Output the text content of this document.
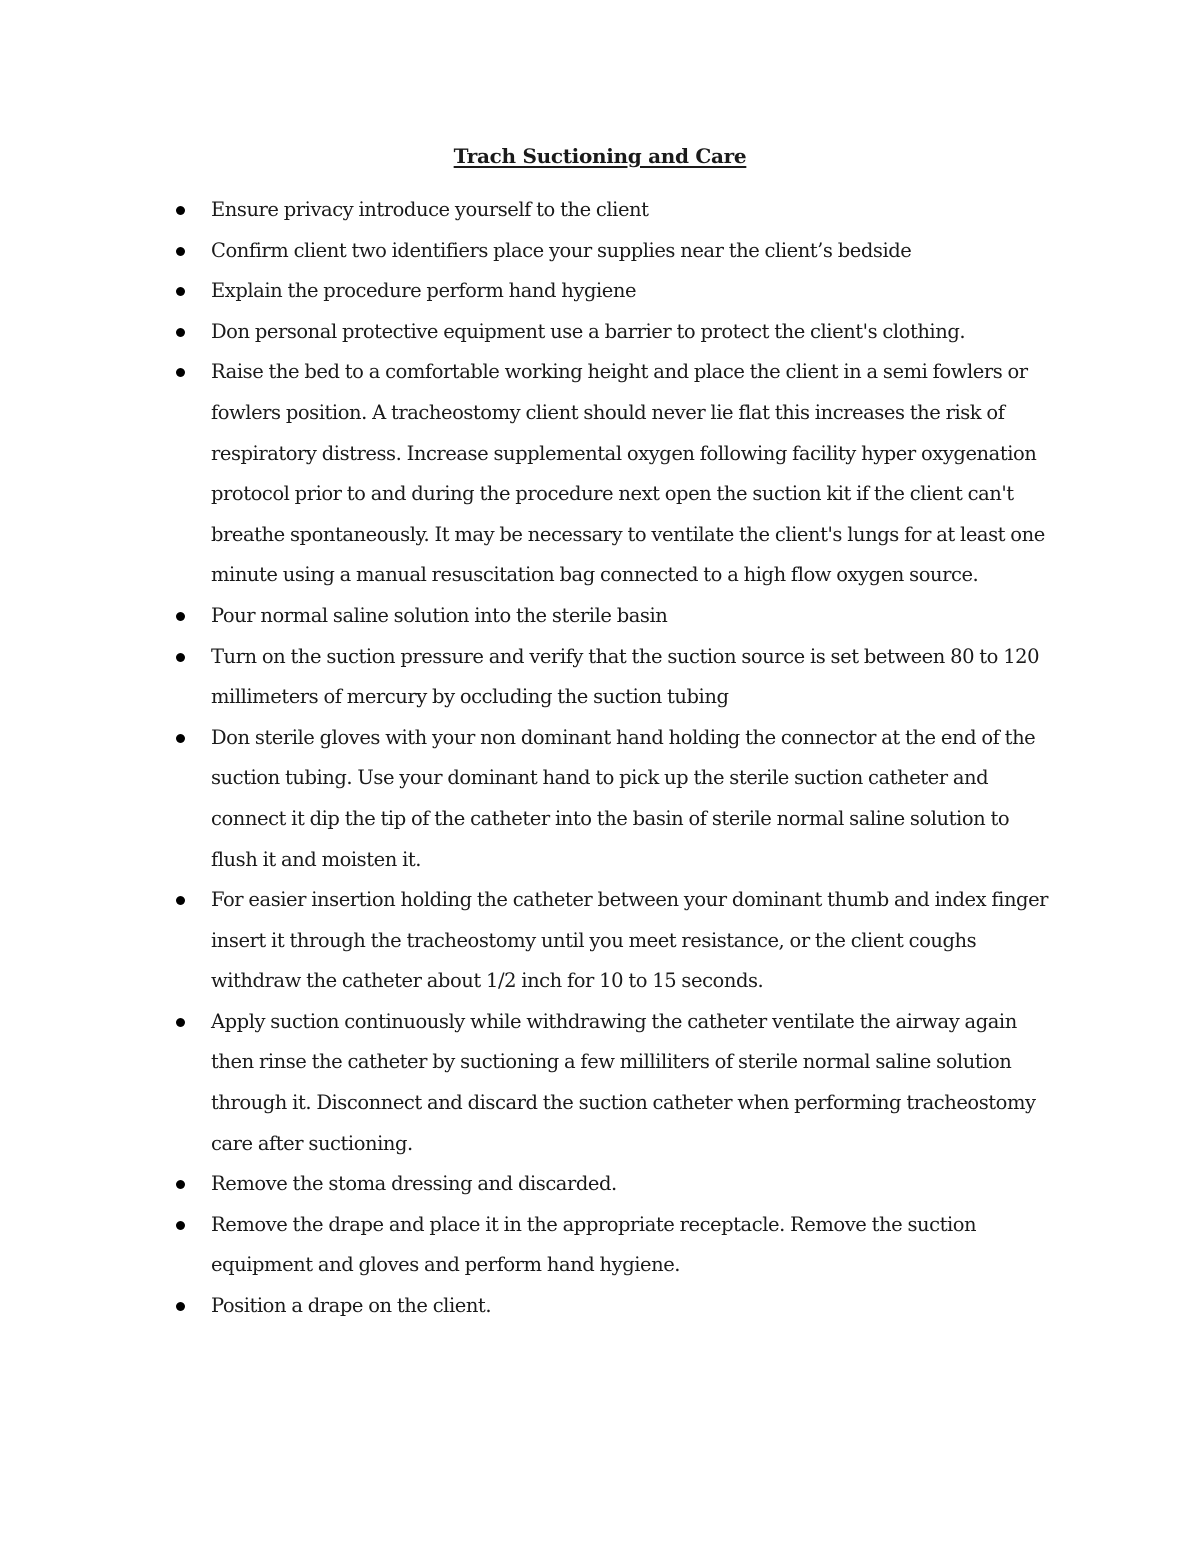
Trach Suctioning and Care
Ensure privacy introduce yourself to the client
Confirm client two identifiers place your supplies near the client’s bedside
Explain the procedure perform hand hygiene
Don personal protective equipment use a barrier to protect the client's clothing.
Raise the bed to a comfortable working height and place the client in a semi fowlers or fowlers position. A tracheostomy client should never lie flat this increases the risk of respiratory distress. Increase supplemental oxygen following facility hyper oxygenation protocol prior to and during the procedure next open the suction kit if the client can't breathe spontaneously. It may be necessary to ventilate the client's lungs for at least one minute using a manual resuscitation bag connected to a high flow oxygen source.
Pour normal saline solution into the sterile basin
Turn on the suction pressure and verify that the suction source is set between 80 to 120 millimeters of mercury by occluding the suction tubing
Don sterile gloves with your non dominant hand holding the connector at the end of the suction tubing. Use your dominant hand to pick up the sterile suction catheter and connect it dip the tip of the catheter into the basin of sterile normal saline solution to flush it and moisten it.
For easier insertion holding the catheter between your dominant thumb and index finger insert it through the tracheostomy until you meet resistance, or the client coughs withdraw the catheter about 1/2 inch for 10 to 15 seconds.
Apply suction continuously while withdrawing the catheter ventilate the airway again then rinse the catheter by suctioning a few milliliters of sterile normal saline solution through it. Disconnect and discard the suction catheter when performing tracheostomy care after suctioning.
Remove the stoma dressing and discarded.
Remove the drape and place it in the appropriate receptacle. Remove the suction equipment and gloves and perform hand hygiene.
Position a drape on the client.
